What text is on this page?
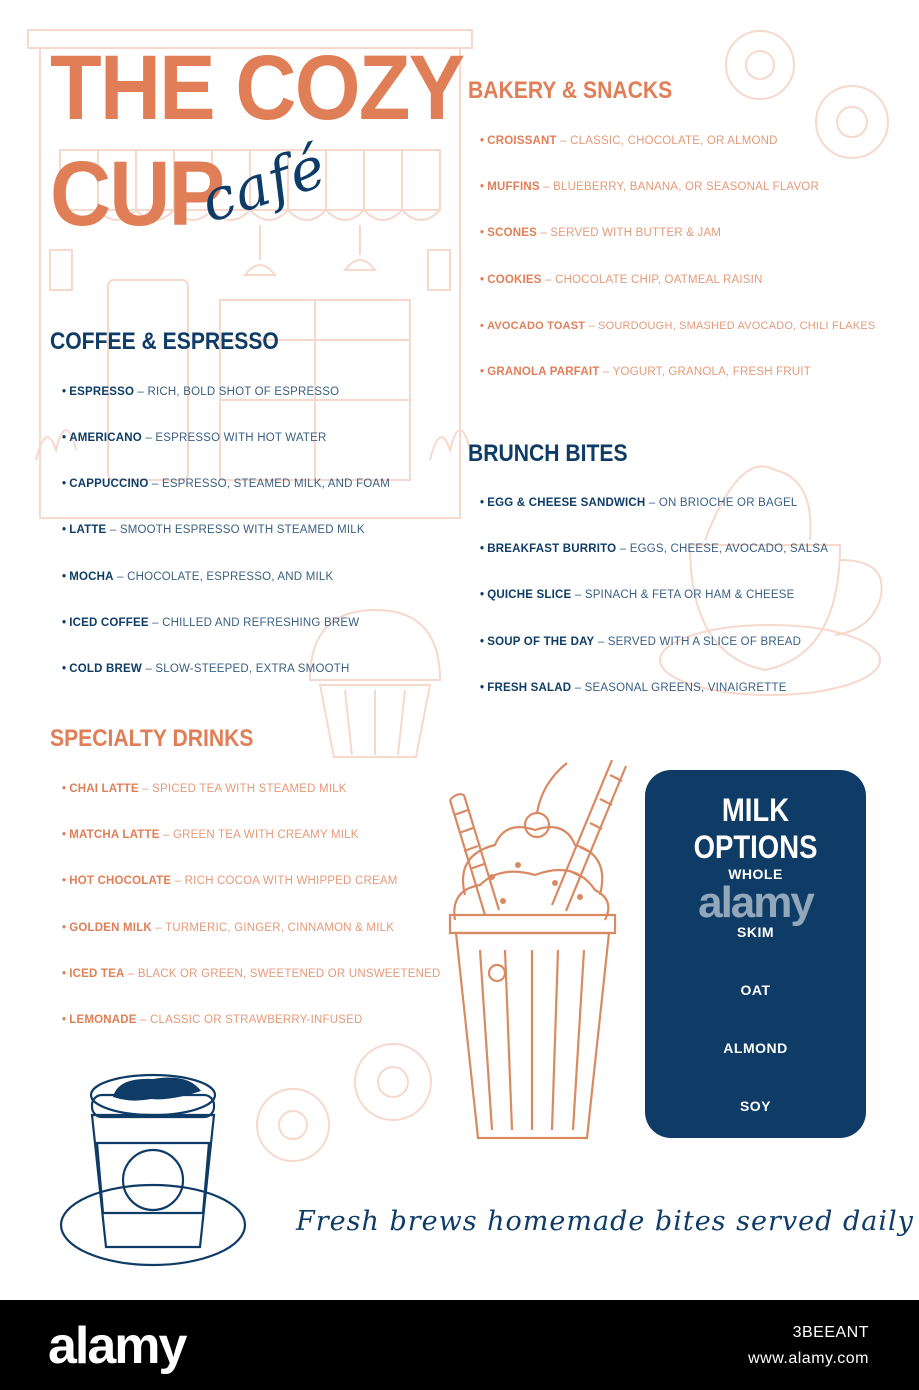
THE COZY
CUP
café
COFFEE & ESPRESSO
• ESPRESSO – RICH, BOLD SHOT OF ESPRESSO
• AMERICANO – ESPRESSO WITH HOT WATER
• CAPPUCCINO – ESPRESSO, STEAMED MILK, AND FOAM
• LATTE – SMOOTH ESPRESSO WITH STEAMED MILK
• MOCHA – CHOCOLATE, ESPRESSO, AND MILK
• ICED COFFEE – CHILLED AND REFRESHING BREW
• COLD BREW – SLOW-STEEPED, EXTRA SMOOTH
SPECIALTY DRINKS
• CHAI LATTE – SPICED TEA WITH STEAMED MILK
• MATCHA LATTE – GREEN TEA WITH CREAMY MILK
• HOT CHOCOLATE – RICH COCOA WITH WHIPPED CREAM
• GOLDEN MILK – TURMERIC, GINGER, CINNAMON & MILK
• ICED TEA – BLACK OR GREEN, SWEETENED OR UNSWEETENED
• LEMONADE – CLASSIC OR STRAWBERRY-INFUSED
BAKERY & SNACKS
• CROISSANT – CLASSIC, CHOCOLATE, OR ALMOND
• MUFFINS – BLUEBERRY, BANANA, OR SEASONAL FLAVOR
• SCONES – SERVED WITH BUTTER & JAM
• COOKIES – CHOCOLATE CHIP, OATMEAL RAISIN
• AVOCADO TOAST – SOURDOUGH, SMASHED AVOCADO, CHILI FLAKES
• GRANOLA PARFAIT – YOGURT, GRANOLA, FRESH FRUIT
BRUNCH BITES
• EGG & CHEESE SANDWICH – ON BRIOCHE OR BAGEL
• BREAKFAST BURRITO – EGGS, CHEESE, AVOCADO, SALSA
• QUICHE SLICE – SPINACH & FETA OR HAM & CHEESE
• SOUP OF THE DAY – SERVED WITH A SLICE OF BREAD
• FRESH SALAD – SEASONAL GREENS, VINAIGRETTE
MILK OPTIONS
WHOLE
alamy
SKIM
OAT
ALMOND
SOY
Fresh brews homemade bites served daily
alamy	3BEEANT
www.alamy.com
